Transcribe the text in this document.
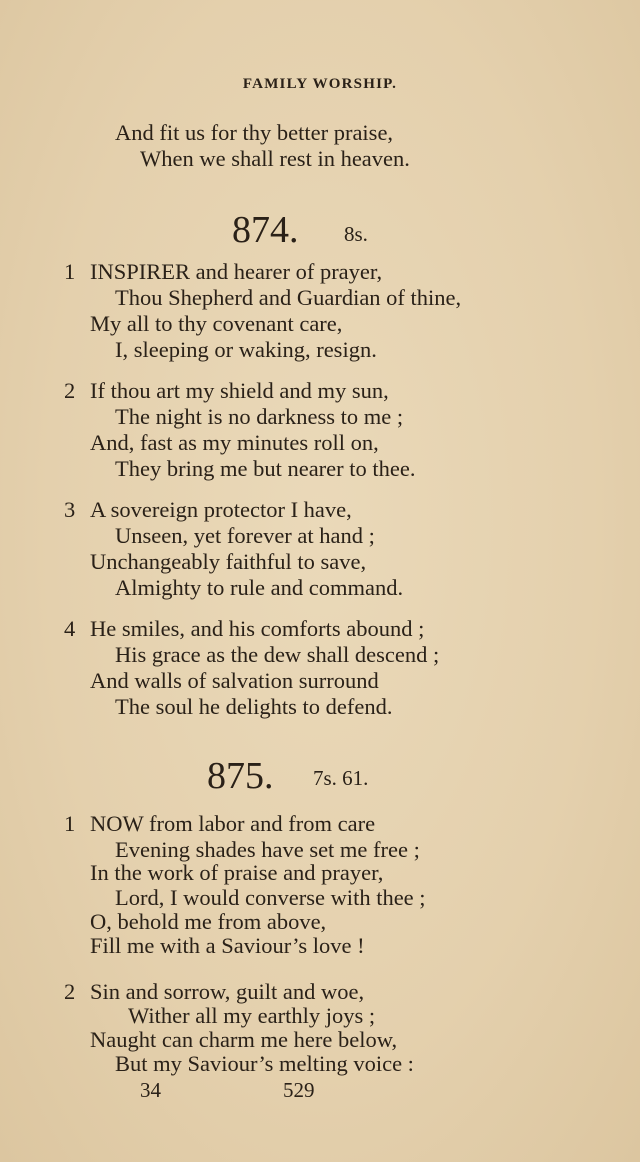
FAMILY WORSHIP.
And fit us for thy better praise,
When we shall rest in heaven.
874. 8s.
1 INSPIRER and hearer of prayer,
Thou Shepherd and Guardian of thine,
My all to thy covenant care,
I, sleeping or waking, resign.
2 If thou art my shield and my sun,
The night is no darkness to me ;
And, fast as my minutes roll on,
They bring me but nearer to thee.
3 A sovereign protector I have,
Unseen, yet forever at hand ;
Unchangeably faithful to save,
Almighty to rule and command.
4 He smiles, and his comforts abound ;
His grace as the dew shall descend ;
And walls of salvation surround
The soul he delights to defend.
875. 7s. 61.
1 NOW from labor and from care
Evening shades have set me free ;
In the work of praise and prayer,
Lord, I would converse with thee ;
O, behold me from above,
Fill me with a Saviour’s love !
2 Sin and sorrow, guilt and woe,
Wither all my earthly joys ;
Naught can charm me here below,
But my Saviour’s melting voice :
34	529
